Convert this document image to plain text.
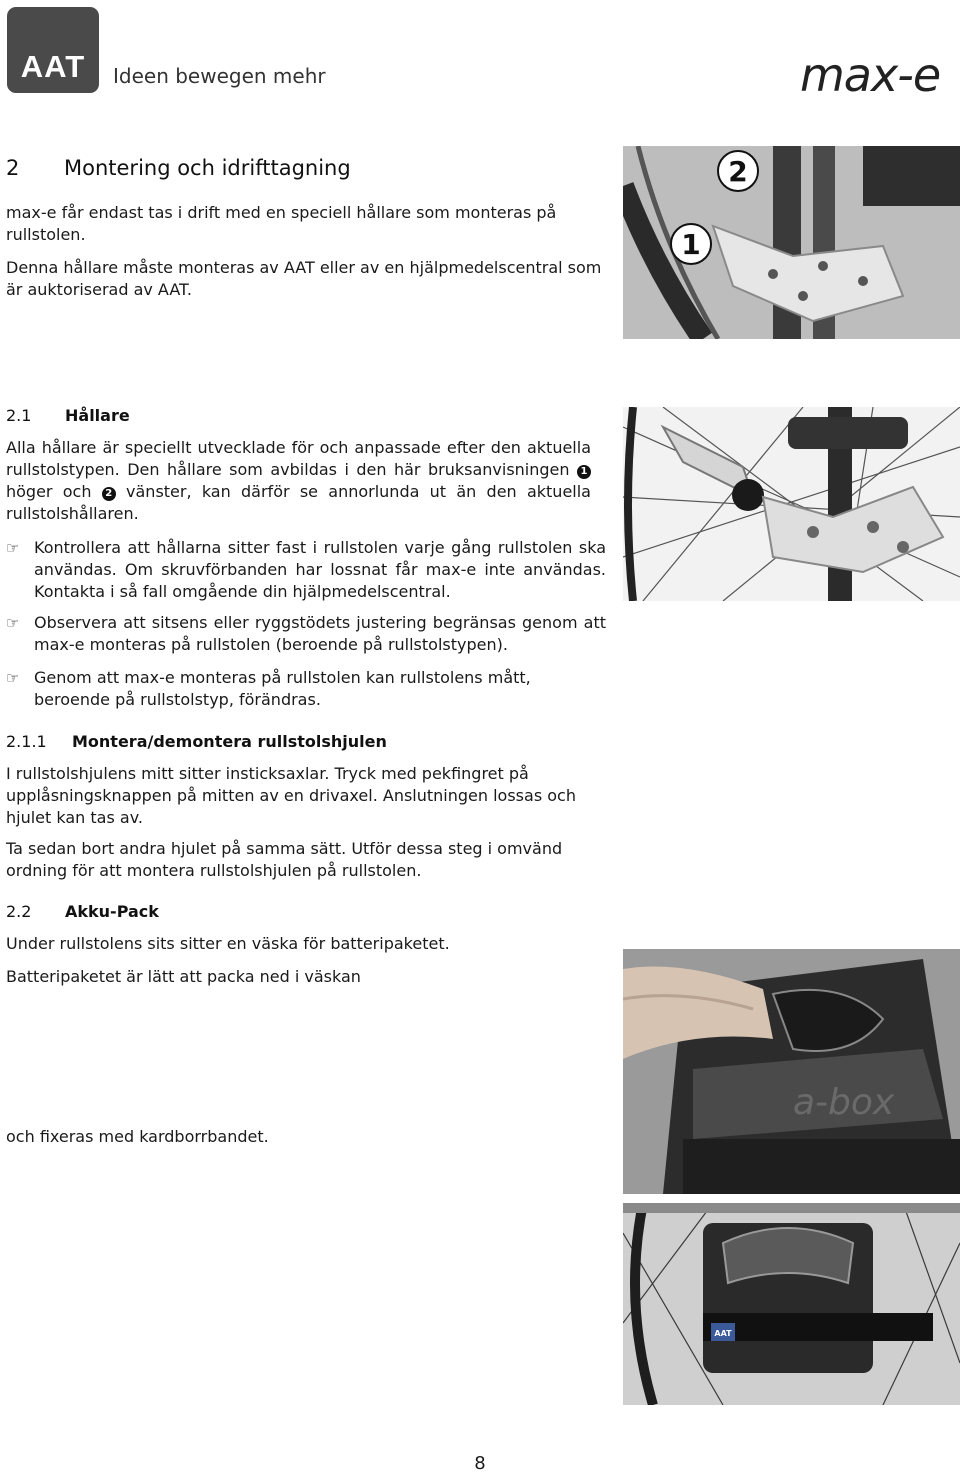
AAT	Ideen bewegen mehr	max-e
2 Montering och idrifttagning
max-e får endast tas i drift med en speciell hållare som monteras på rullstolen.
Denna hållare måste monteras av AAT eller av en hjälpmedelscentral som är auktoriserad av AAT.
2.1 Hållare
Alla hållare är speciellt utvecklade för och anpassade efter den aktuella rullstolstypen. Den hållare som avbildas i den här bruksanvisningen 1 höger och 2 vänster, kan därför se annorlunda ut än den aktuella rullstolshållaren.
☞ Kontrollera att hållarna sitter fast i rullstolen varje gång rullstolen ska användas. Om skruvförbanden har lossnat får max-e inte användas. Kontakta i så fall omgående din hjälpmedelscentral.
☞ Observera att sitsens eller ryggstödets justering begränsas genom att max-e monteras på rullstolen (beroende på rullstolstypen).
☞ Genom att max-e monteras på rullstolen kan rullstolens mått, beroende på rullstolstyp, förändras.
2.1.1 Montera/demontera rullstolshjulen
I rullstolshjulens mitt sitter insticksaxlar. Tryck med pekfingret på upplåsningsknappen på mitten av en drivaxel. Anslutningen lossas och hjulet kan tas av.
Ta sedan bort andra hjulet på samma sätt. Utför dessa steg i omvänd ordning för att montera rullstolshjulen på rullstolen.
2.2 Akku-Pack
Under rullstolens sits sitter en väska för batteripaketet.
Batteripaketet är lätt att packa ned i väskan
och fixeras med kardborrbandet.
2
1
a-box
AAT
8
